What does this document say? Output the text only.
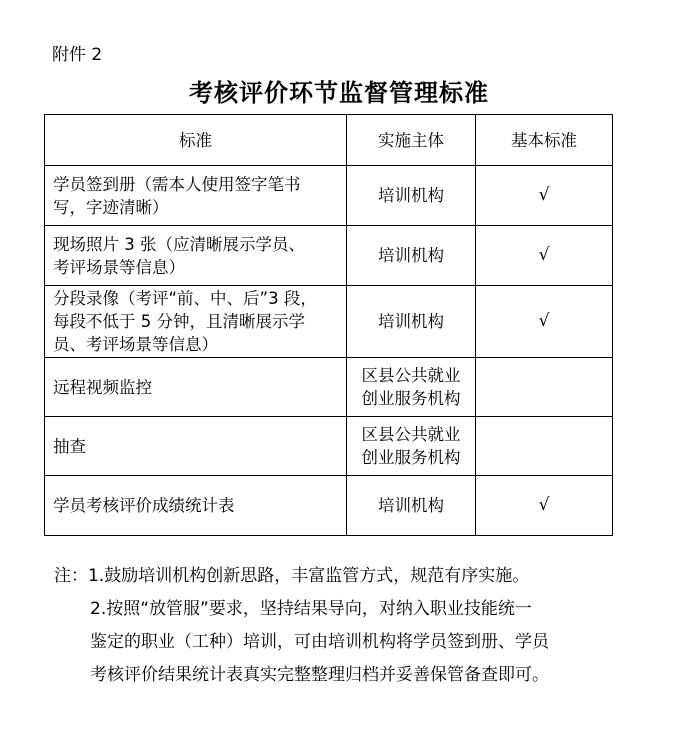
附件 2
考核评价环节监督管理标准
标准	实施主体	基本标准

学员签到册（需本人使用签字笔书
写，字迹清晰）	培训机构	√

现场照片 3 张（应清晰展示学员、
考评场景等信息）	培训机构	√

分段录像（考评“前、中、后”3 段，
每段不低于 5 分钟，且清晰展示学
员、考评场景等信息）	培训机构	√

远程视频监控	区县公共就业
创业服务机构	

抽查	区县公共就业
创业服务机构	

学员考核评价成绩统计表	培训机构	√
注：1.鼓励培训机构创新思路，丰富监管方式，规范有序实施。
2.按照“放管服”要求，坚持结果导向，对纳入职业技能统一
鉴定的职业（工种）培训，可由培训机构将学员签到册、学员
考核评价结果统计表真实完整整理归档并妥善保管备查即可。
